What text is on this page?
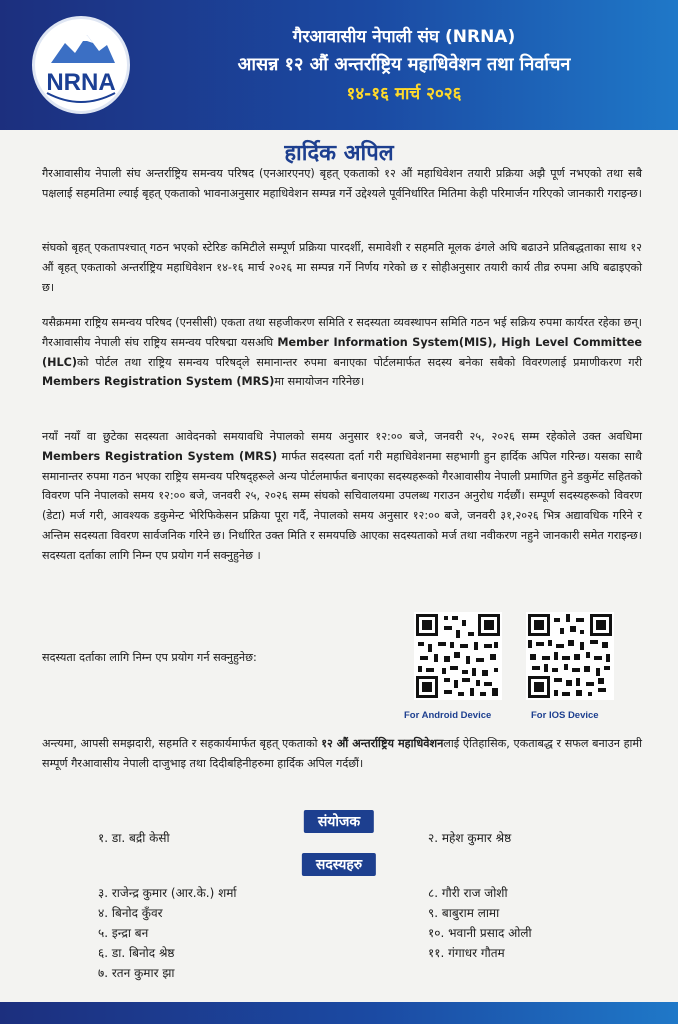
NRNA
गैरआवासीय नेपाली संघ (NRNA)
आसन्न १२ औं अन्तर्राष्ट्रिय महाधिवेशन तथा निर्वाचन
१४-१६ मार्च २०२६
हार्दिक अपिल
गैरआवासीय नेपाली संघ अन्तर्राष्ट्रिय समन्वय परिषद (एनआरएनए) बृहत् एकताको १२ औं महाधिवेशन तयारी प्रक्रिया अझै पूर्ण नभएको तथा सबै पक्षलाई सहमतिमा ल्याई बृहत् एकताको भावनाअनुसार महाधिवेशन सम्पन्न गर्ने उद्देश्यले पूर्वनिर्धारित मितिमा केही परिमार्जन गरिएको जानकारी गराइन्छ।
संघको बृहत् एकतापश्चात् गठन भएको स्टेरिङ कमिटीले सम्पूर्ण प्रक्रिया पारदर्शी, समावेशी र सहमति मूलक ढंगले अघि बढाउने प्रतिबद्धताका साथ १२ औं बृहत् एकताको अन्तर्राष्ट्रिय महाधिवेशन १४-१६ मार्च २०२६ मा सम्पन्न गर्ने निर्णय गरेको छ र सोहीअनुसार तयारी कार्य तीव्र रुपमा अघि बढाइएको छ।
यसैक्रममा राष्ट्रिय समन्वय परिषद (एनसीसी) एकता तथा सहजीकरण समिति र सदस्यता व्यवस्थापन समिति गठन भई सक्रिय रुपमा कार्यरत रहेका छन्। गैरआवासीय नेपाली संघ राष्ट्रिय समन्वय परिषद्मा यसअघि Member Information System(MIS), High Level Committee (HLC)को पोर्टल तथा राष्ट्रिय समन्वय परिषद्ले समानान्तर रुपमा बनाएका पोर्टलमार्फत सदस्य बनेका सबैको विवरणलाई प्रमाणीकरण गरी Members Registration System (MRS)मा समायोजन गरिनेछ।
नयाँ नयाँ वा छुटेका सदस्यता आवेदनको समयावधि नेपालको समय अनुसार १२:०० बजे, जनवरी २५, २०२६ सम्म रहेकोले उक्त अवधिमा Members Registration System (MRS) मार्फत सदस्यता दर्ता गरी महाधिवेशनमा सहभागी हुन हार्दिक अपिल गरिन्छ। यसका साथै समानान्तर रुपमा गठन भएका राष्ट्रिय समन्वय परिषद्हरूले अन्य पोर्टलमार्फत बनाएका सदस्यहरूको गैरआवासीय नेपाली प्रमाणित हुने डकुमेंट सहितको विवरण पनि नेपालको समय १२:०० बजे, जनवरी २५, २०२६ सम्म संघको सचिवालयमा उपलब्ध गराउन अनुरोध गर्दछौं। सम्पूर्ण सदस्यहरूको विवरण (डेटा) मर्ज गरी, आवश्यक डकुमेन्ट भेरिफिकेसन प्रक्रिया पूरा गर्दै, नेपालको समय अनुसार १२:०० बजे, जनवरी ३१,२०२६ भित्र अद्यावधिक गरिने र अन्तिम सदस्यता विवरण सार्वजनिक गरिने छ। निर्धारित उक्त मिति र समयपछि आएका सदस्यताको मर्ज तथा नवीकरण नहुने जानकारी समेत गराइन्छ। सदस्यता दर्ताका लागि निम्न एप प्रयोग गर्न सक्नुहुनेछ ।
सदस्यता दर्ताका लागि निम्न एप प्रयोग गर्न सक्नुहुनेछ:
For Android Device	For IOS Device
अन्त्यमा, आपसी समझदारी, सहमति र सहकार्यमार्फत बृहत् एकताको १२ औं अन्तर्राष्ट्रिय महाधिवेशनलाई ऐतिहासिक, एकताबद्ध र सफल बनाउन हामी सम्पूर्ण गैरआवासीय नेपाली दाजुभाइ तथा दिदीबहिनीहरुमा हार्दिक अपिल गर्दछौं।
संयोजक
१. डा. बद्री केसी	२. महेश कुमार श्रेष्ठ
सदस्यहरु
३. राजेन्द्र कुमार (आर.के.) शर्मा
४. बिनोद कुँवर
५. इन्द्रा बन
६. डा. बिनोद श्रेष्ठ
७. रतन कुमार झा
८. गौरी राज जोशी
९. बाबुराम लामा
१०. भवानी प्रसाद ओली
११. गंगाधर गौतम
